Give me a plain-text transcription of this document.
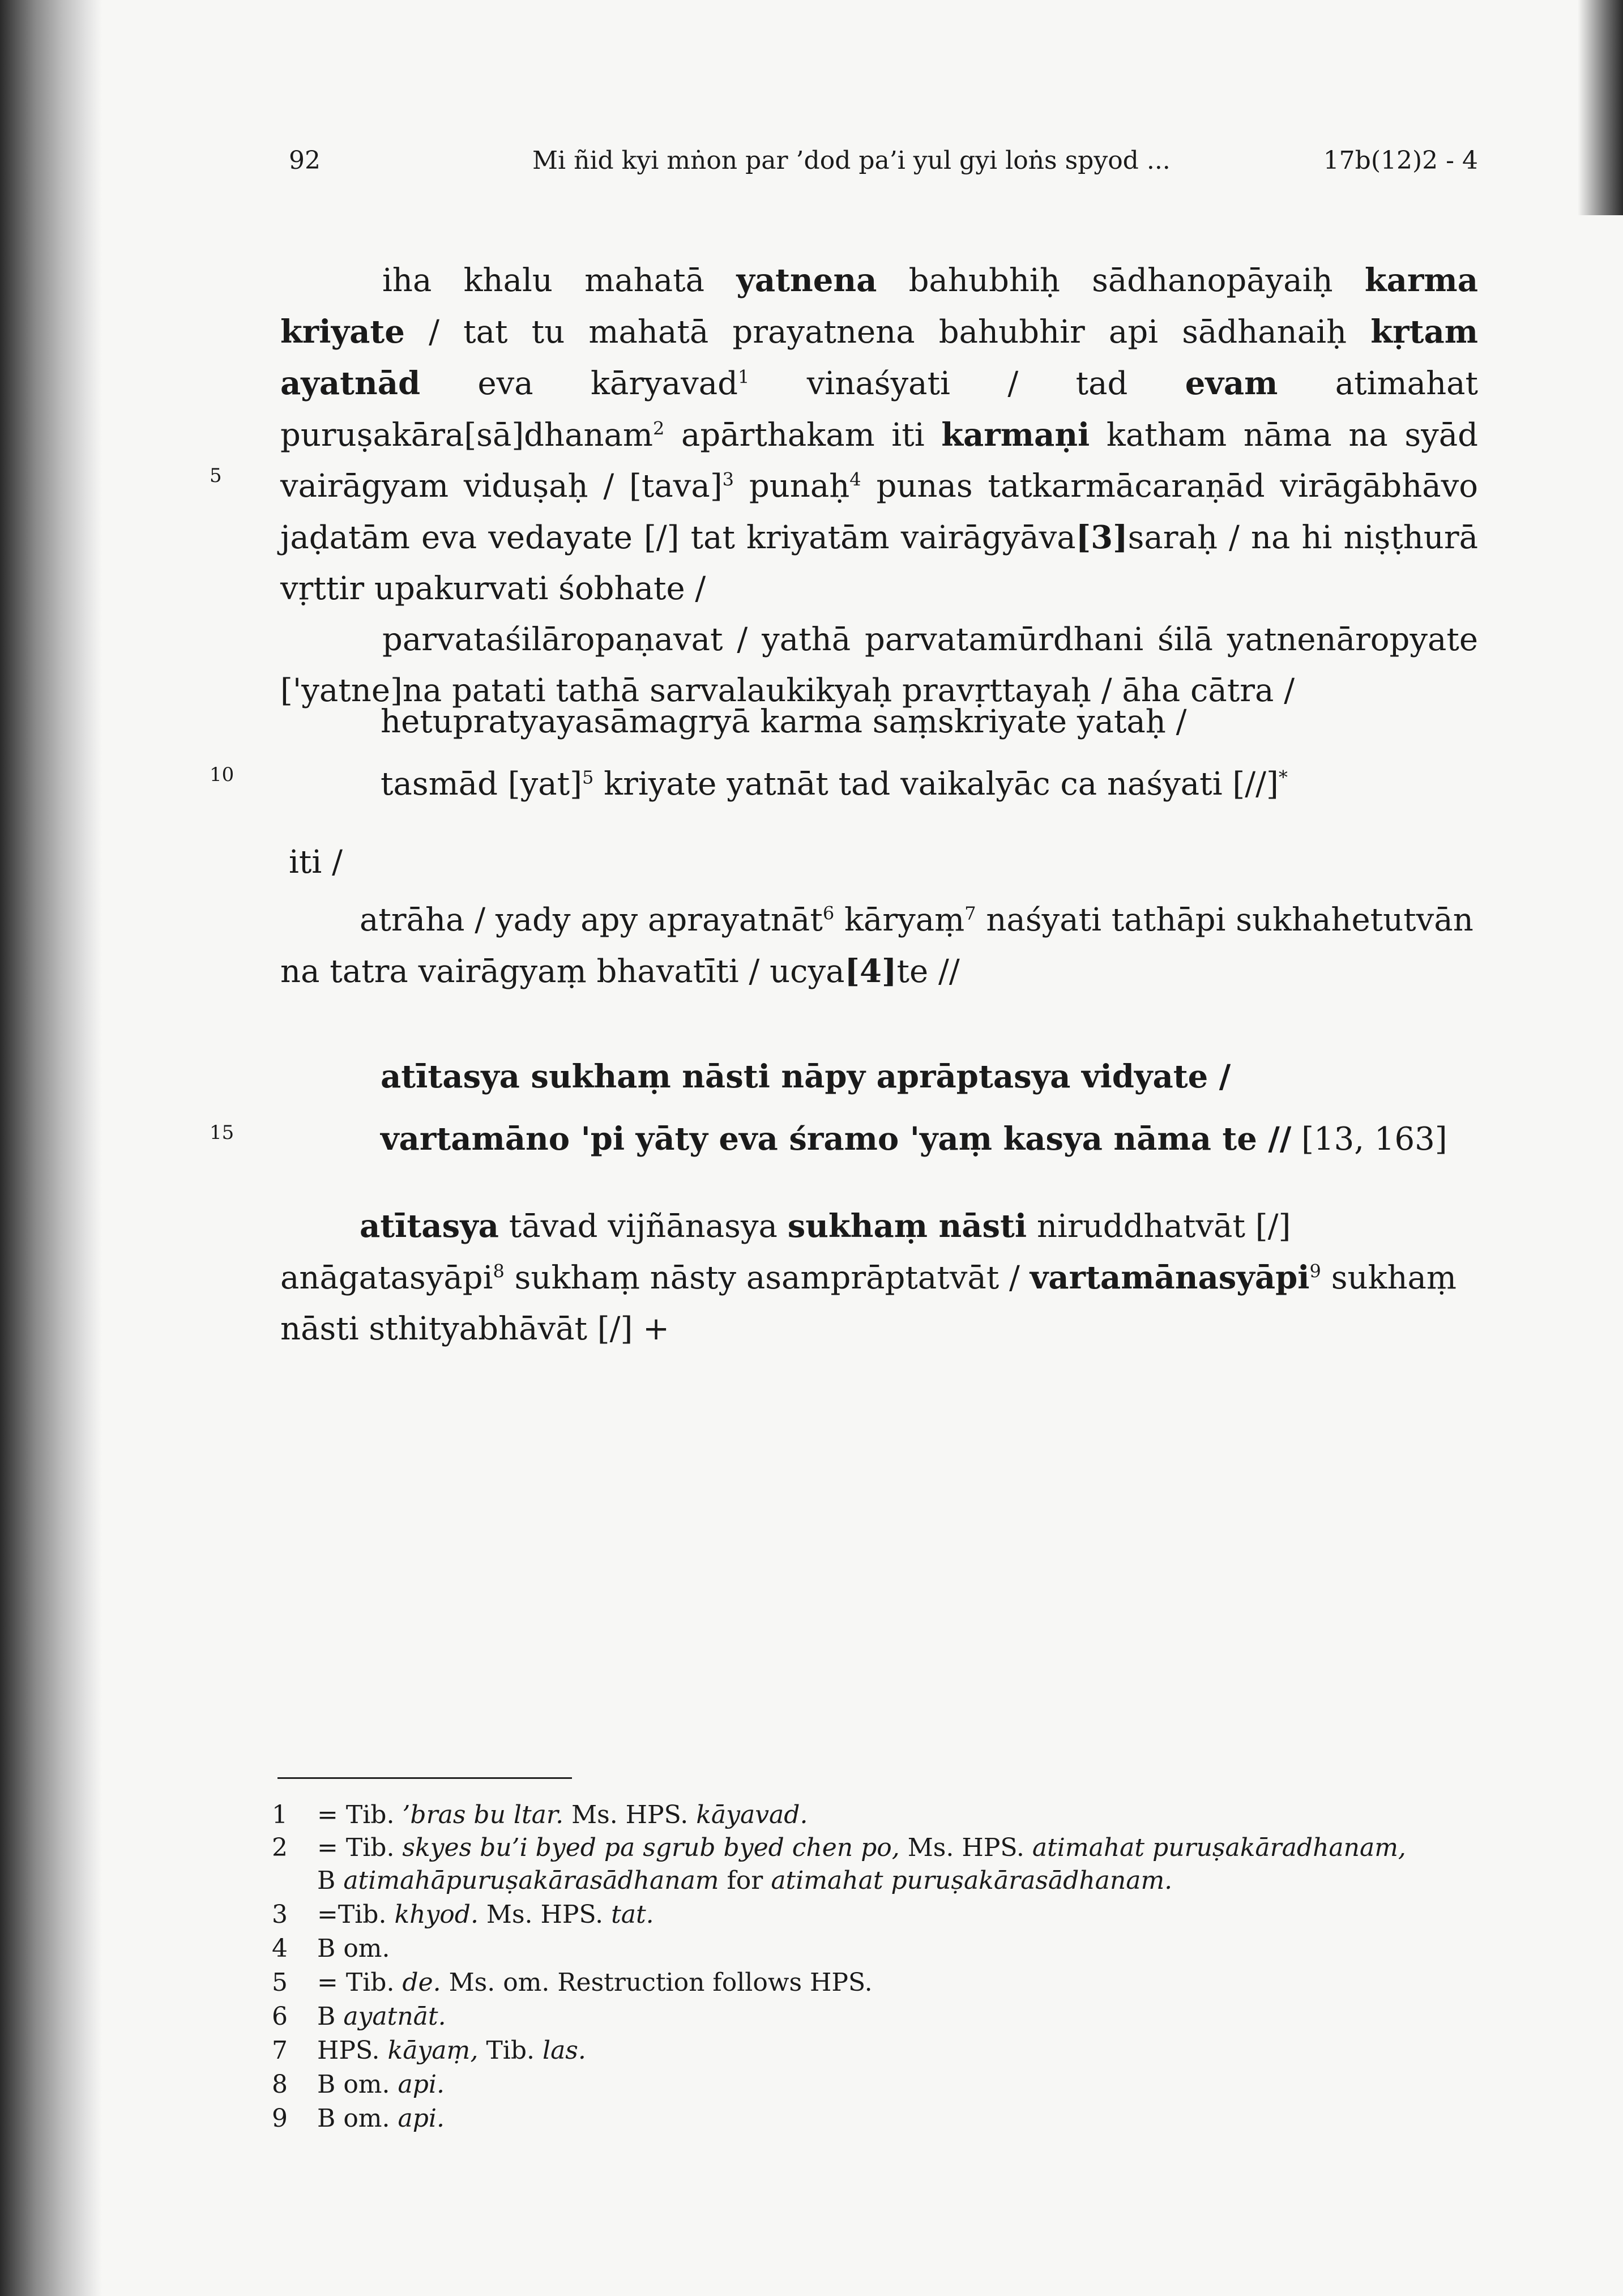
92	Mi ñid kyi mṅon par ’dod pa’i yul gyi loṅs spyod ...	17b(12)2 - 4
5
10
15

iha khalu mahatā yatnena bahubhiḥ sādhanopāyaiḥ karma kriyate / tat tu mahatā prayatnena bahubhir api sādhanaiḥ kṛtam ayatnād eva kāryavad$^1$ vinaśyati / tad evam atimahat puruṣakāra[sā]dhanam$^2$ apārthakam iti karmaṇi katham nāma na syād vairāgyam viduṣaḥ / [tava]$^3$ punaḥ$^4$ punas tatkarmācaraṇād virāgābhāvo jaḍatām eva vedayate [/] tat kriyatām vairāgyāva[3]saraḥ / na hi niṣṭhurā vṛttir upakurvati śobhate /

parvataśilāropaṇavat / yathā parvatamūrdhani śilā yatnenāropyate ['yatne]na patati tathā sarvalaukikyaḥ pravṛttayaḥ / āha cātra /

hetupratyayasāmagryā karma saṃskriyate yataḥ /
tasmād [yat]$^5$ kriyate yatnāt tad vaikalyāc ca naśyati [//]*
iti /

atrāha / yady apy aprayatnāt$^6$ kāryaṃ$^7$ naśyati tathāpi sukhahetutvān na tatra vairāgyaṃ bhavatīti / ucya[4]te //

atītasya sukhaṃ nāsti nāpy aprāptasya vidyate /
vartamāno 'pi yāty eva śramo 'yaṃ kasya nāma te // [13, 163]

atītasya tāvad vijñānasya sukhaṃ nāsti niruddhatvāt [/] anāgatasyāpi$^8$ sukhaṃ nāsty asamprāptatvāt / vartamānasyāpi$^9$ sukhaṃ nāsti sthityabhāvāt [/] +

1 = Tib. ’bras bu ltar. Ms. HPS. kāyavad.
2 = Tib. skyes bu’i byed pa sgrub byed chen po, Ms. HPS. atimahat puruṣakāradhanam,
B atimahāpuruṣakārasādhanam for atimahat puruṣakārasādhanam.
3 =Tib. khyod. Ms. HPS. tat.
4 B om.
5 = Tib. de. Ms. om. Restruction follows HPS.
6 B ayatnāt.
7 HPS. kāyaṃ, Tib. las.
8 B om. api.
9 B om. api.
